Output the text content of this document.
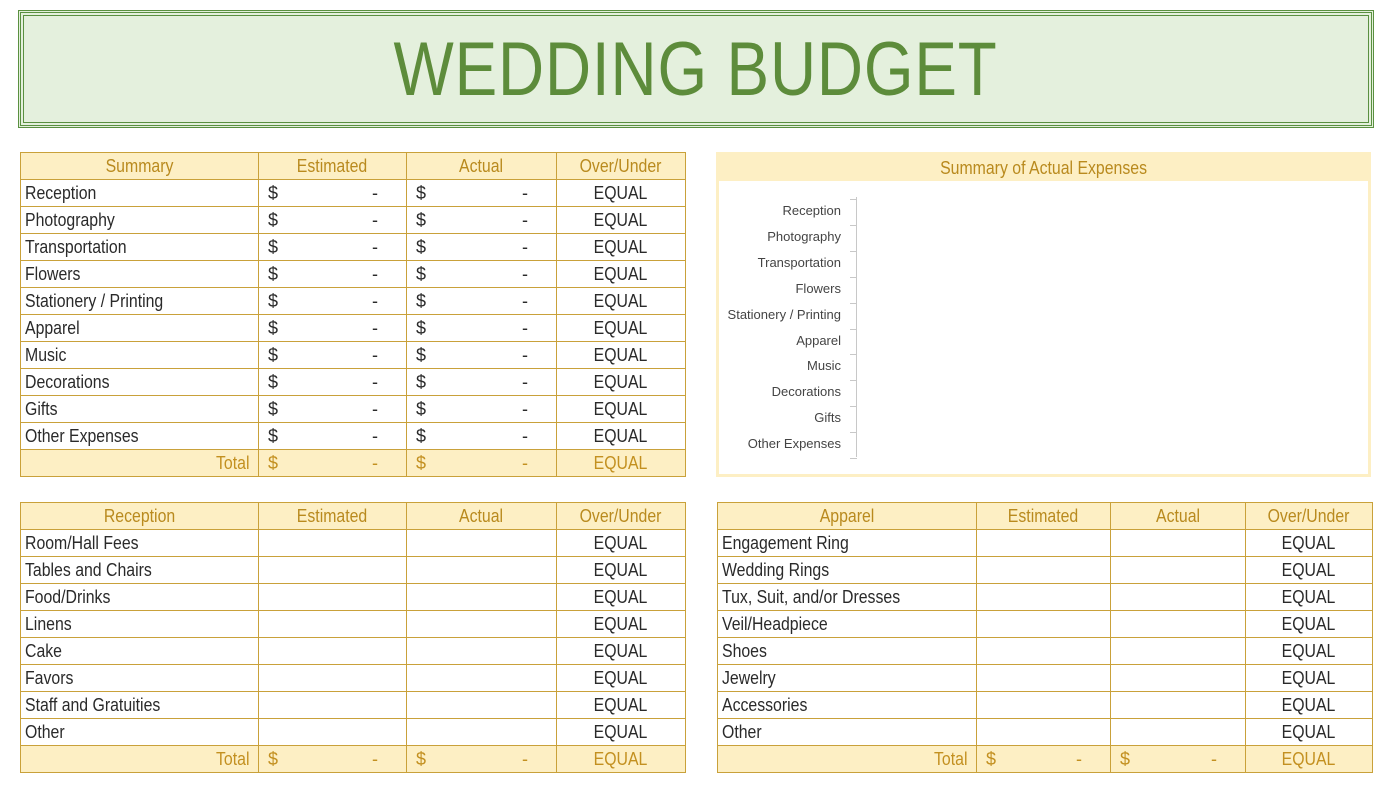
WEDDING BUDGET
Summary	Estimated	Actual	Over/Under
Reception	$ -	$ -	EQUAL
Photography	$ -	$ -	EQUAL
Transportation	$ -	$ -	EQUAL
Flowers	$ -	$ -	EQUAL
Stationery / Printing	$ -	$ -	EQUAL
Apparel	$ -	$ -	EQUAL
Music	$ -	$ -	EQUAL
Decorations	$ -	$ -	EQUAL
Gifts	$ -	$ -	EQUAL
Other Expenses	$ -	$ -	EQUAL
Total	$ -	$ -	EQUAL
Summary of Actual Expenses
Reception
Photography
Transportation
Flowers
Stationery / Printing
Apparel
Music
Decorations
Gifts
Other Expenses
Reception	Estimated	Actual	Over/Under
Room/Hall Fees			EQUAL
Tables and Chairs			EQUAL
Food/Drinks			EQUAL
Linens			EQUAL
Cake			EQUAL
Favors			EQUAL
Staff and Gratuities			EQUAL
Other			EQUAL
Total	$ -	$ -	EQUAL
Apparel	Estimated	Actual	Over/Under
Engagement Ring			EQUAL
Wedding Rings			EQUAL
Tux, Suit, and/or Dresses			EQUAL
Veil/Headpiece			EQUAL
Shoes			EQUAL
Jewelry			EQUAL
Accessories			EQUAL
Other			EQUAL
Total	$ -	$ -	EQUAL
